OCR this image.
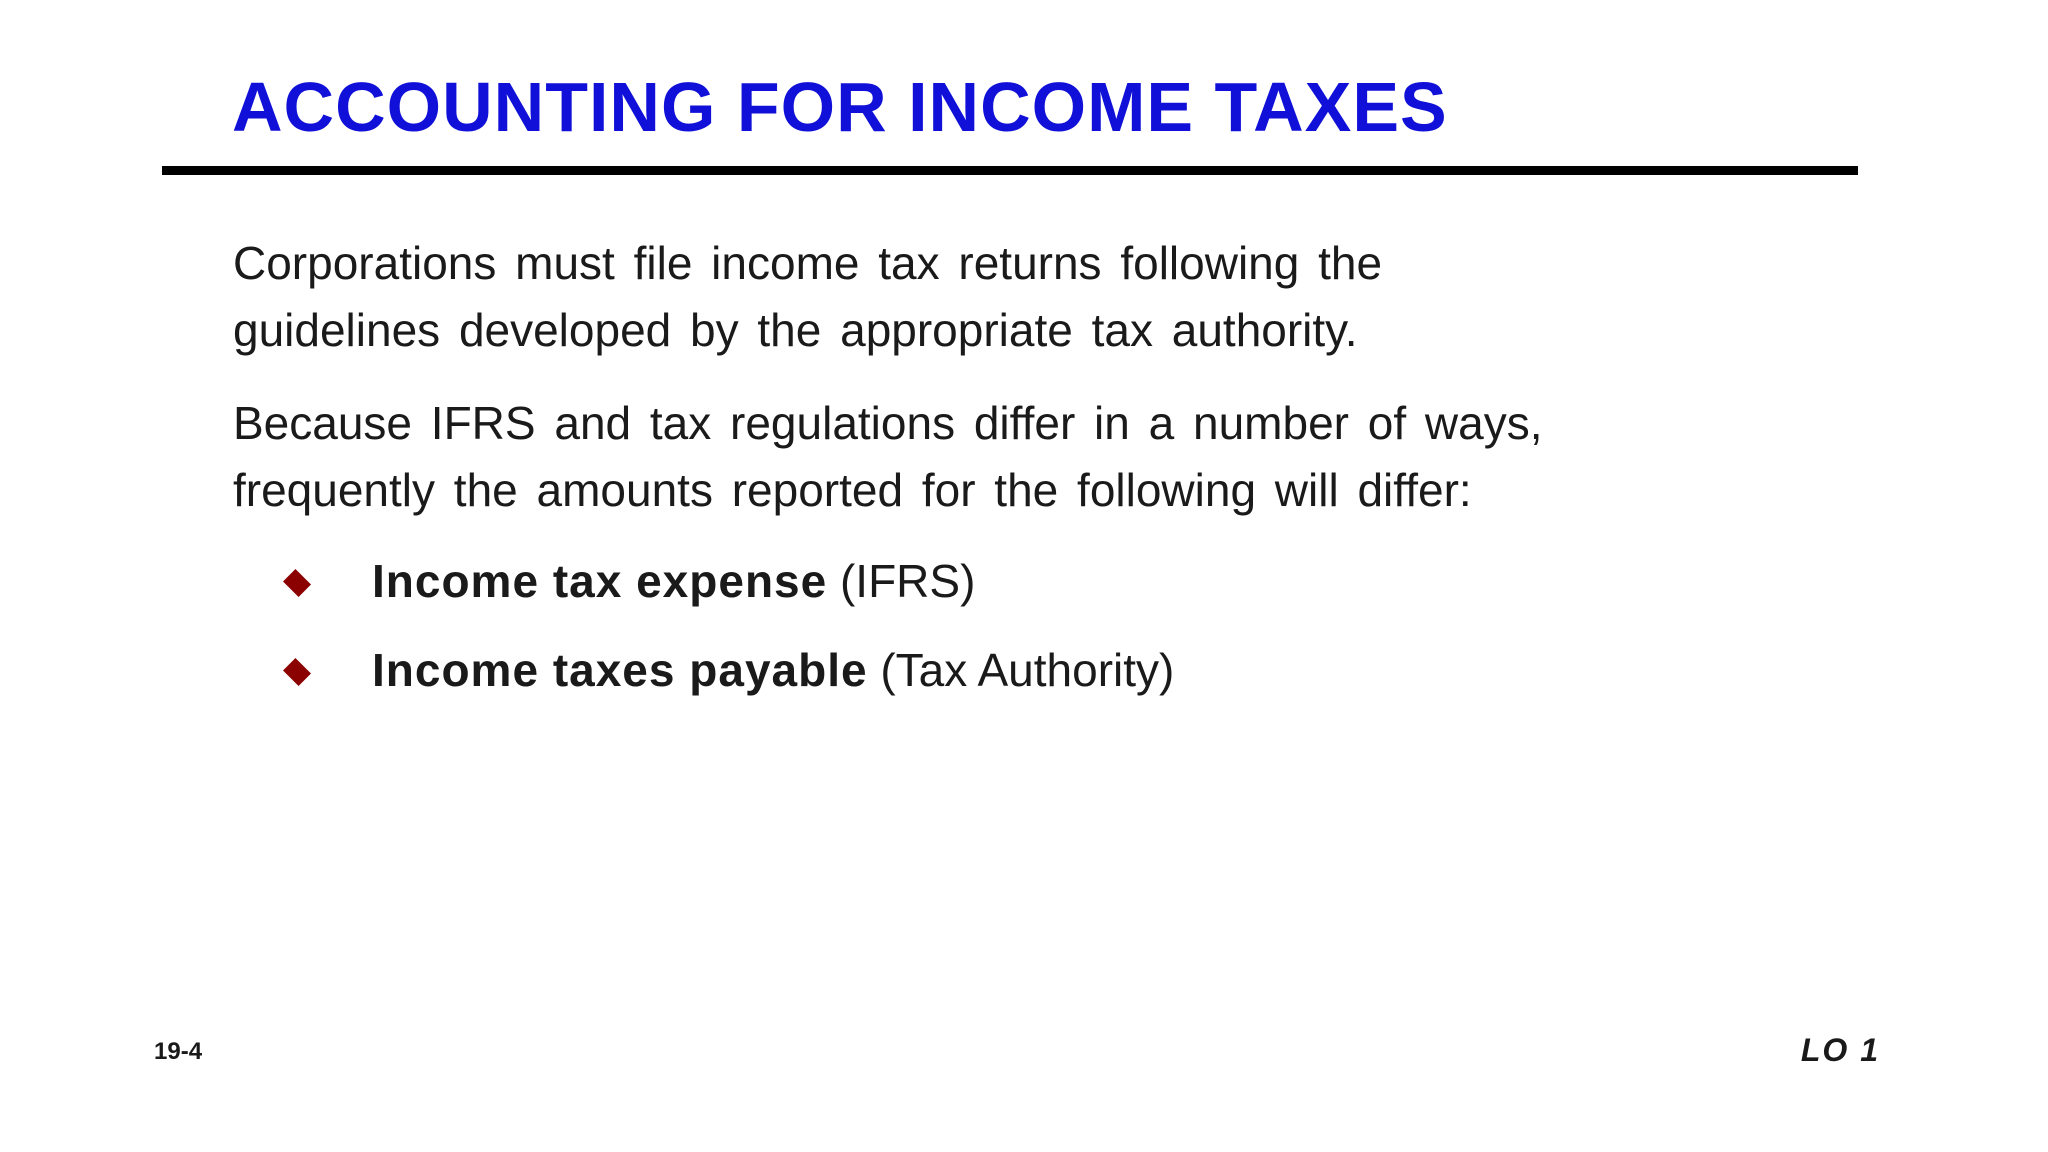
ACCOUNTING FOR INCOME TAXES

Corporations must file income tax returns following the
guidelines developed by the appropriate tax authority.

Because IFRS and tax regulations differ in a number of ways,
frequently the amounts reported for the following will differ:

Income tax expense (IFRS)
Income taxes payable (Tax Authority)
19-4	LO 1
